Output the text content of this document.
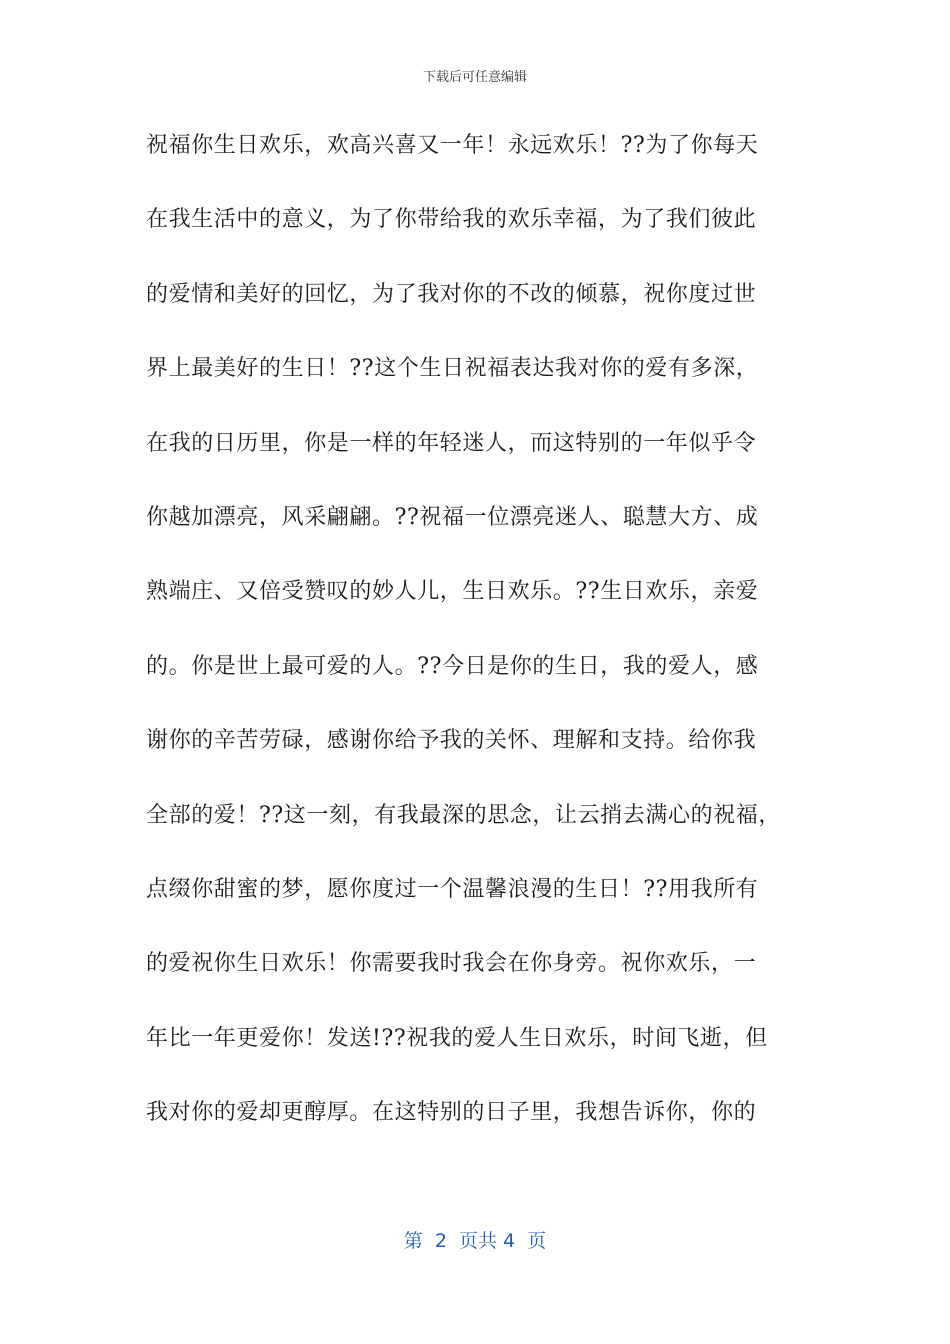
下载后可任意编辑
祝福你生日欢乐，欢高兴喜又一年！永远欢乐！??为了你每天
在我生活中的意义，为了你带给我的欢乐幸福，为了我们彼此
的爱情和美好的回忆，为了我对你的不改的倾慕，祝你度过世
界上最美好的生日！??这个生日祝福表达我对你的爱有多深，
在我的日历里，你是一样的年轻迷人，而这特别的一年似乎令
你越加漂亮，风采翩翩。??祝福一位漂亮迷人、聪慧大方、成
熟端庄、又倍受赞叹的妙人儿，生日欢乐。??生日欢乐，亲爱
的。你是世上最可爱的人。??今日是你的生日，我的爱人，感
谢你的辛苦劳碌，感谢你给予我的关怀、理解和支持。给你我
全部的爱！??这一刻，有我最深的思念，让云捎去满心的祝福，
点缀你甜蜜的梦，愿你度过一个温馨浪漫的生日！??用我所有
的爱祝你生日欢乐！你需要我时我会在你身旁。祝你欢乐，一
年比一年更爱你！发送!??祝我的爱人生日欢乐，时间飞逝，但
我对你的爱却更醇厚。在这特别的日子里，我想告诉你，你的
第  2  页共 4  页
